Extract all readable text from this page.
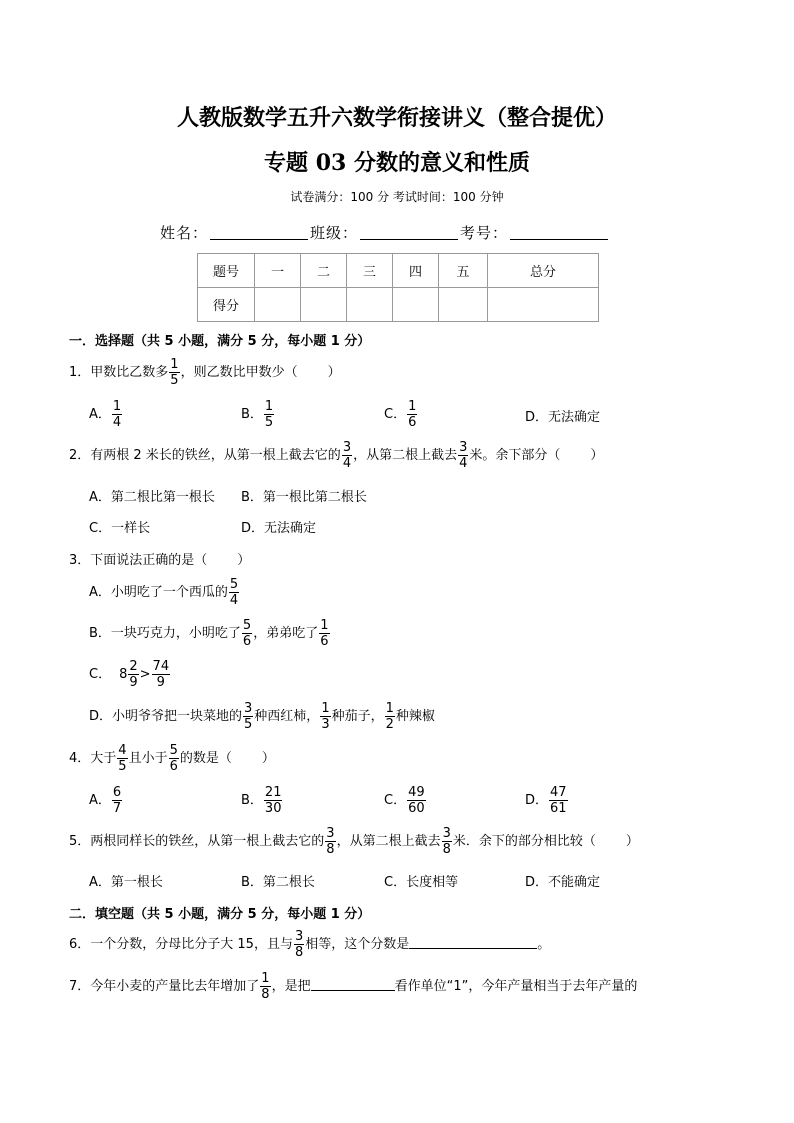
人教版数学五升六数学衔接讲义（整合提优）
专题 03 分数的意义和性质
试卷满分：100 分 考试时间：100 分钟
姓名：	班级：	考号：
题号	一	二	三	四	五	总分
得分						
一．选择题（共 5 小题，满分 5 分，每小题 1 分）
1．甲数比乙数多 $\frac{1}{5}$ ，则乙数比甲数少（ ）
A． $\frac{1}{4}$	B． $\frac{1}{5}$	C． $\frac{1}{6}$	D．无法确定
2．有两根 2 米长的铁丝，从第一根上截去它的 $\frac{3}{4}$ ，从第二根上截去 $\frac{3}{4}$ 米。余下部分（ ）
A．第二根比第一根长 B．第一根比第二根长
C．一样长	D．无法确定
3．下面说法正确的是（ ）
A．小明吃了一个西瓜的 $\frac{5}{4}$
B．一块巧克力，小明吃了 $\frac{5}{6}$ ，弟弟吃了 $\frac{1}{6}$
C． $8 \frac{2}{9} > \frac{74}{9}$
D．小明爷爷把一块菜地的 $\frac{3}{5}$ 种西红柿， $\frac{1}{3}$ 种茄子， $\frac{1}{2}$ 种辣椒
4．大于 $\frac{4}{5}$ 且小于 $\frac{5}{6}$ 的数是（ ）
A． $\frac{6}{7}$	B． $\frac{21}{30}$	C． $\frac{49}{60}$	D． $\frac{47}{61}$
5．两根同样长的铁丝，从第一根上截去它的 $\frac{3}{8}$ ，从第二根上截去 $\frac{3}{8}$ 米．余下的部分相比较（ ）
A．第一根长	B．第二根长	C．长度相等	D．不能确定
二．填空题（共 5 小题，满分 5 分，每小题 1 分）
6．一个分数，分母比分子大 15，且与 $\frac{3}{8}$ 相等，这个分数是	。
7．今年小麦的产量比去年增加了 $\frac{1}{8}$ ，是把	看作单位“1”，今年产量相当于去年产量的
